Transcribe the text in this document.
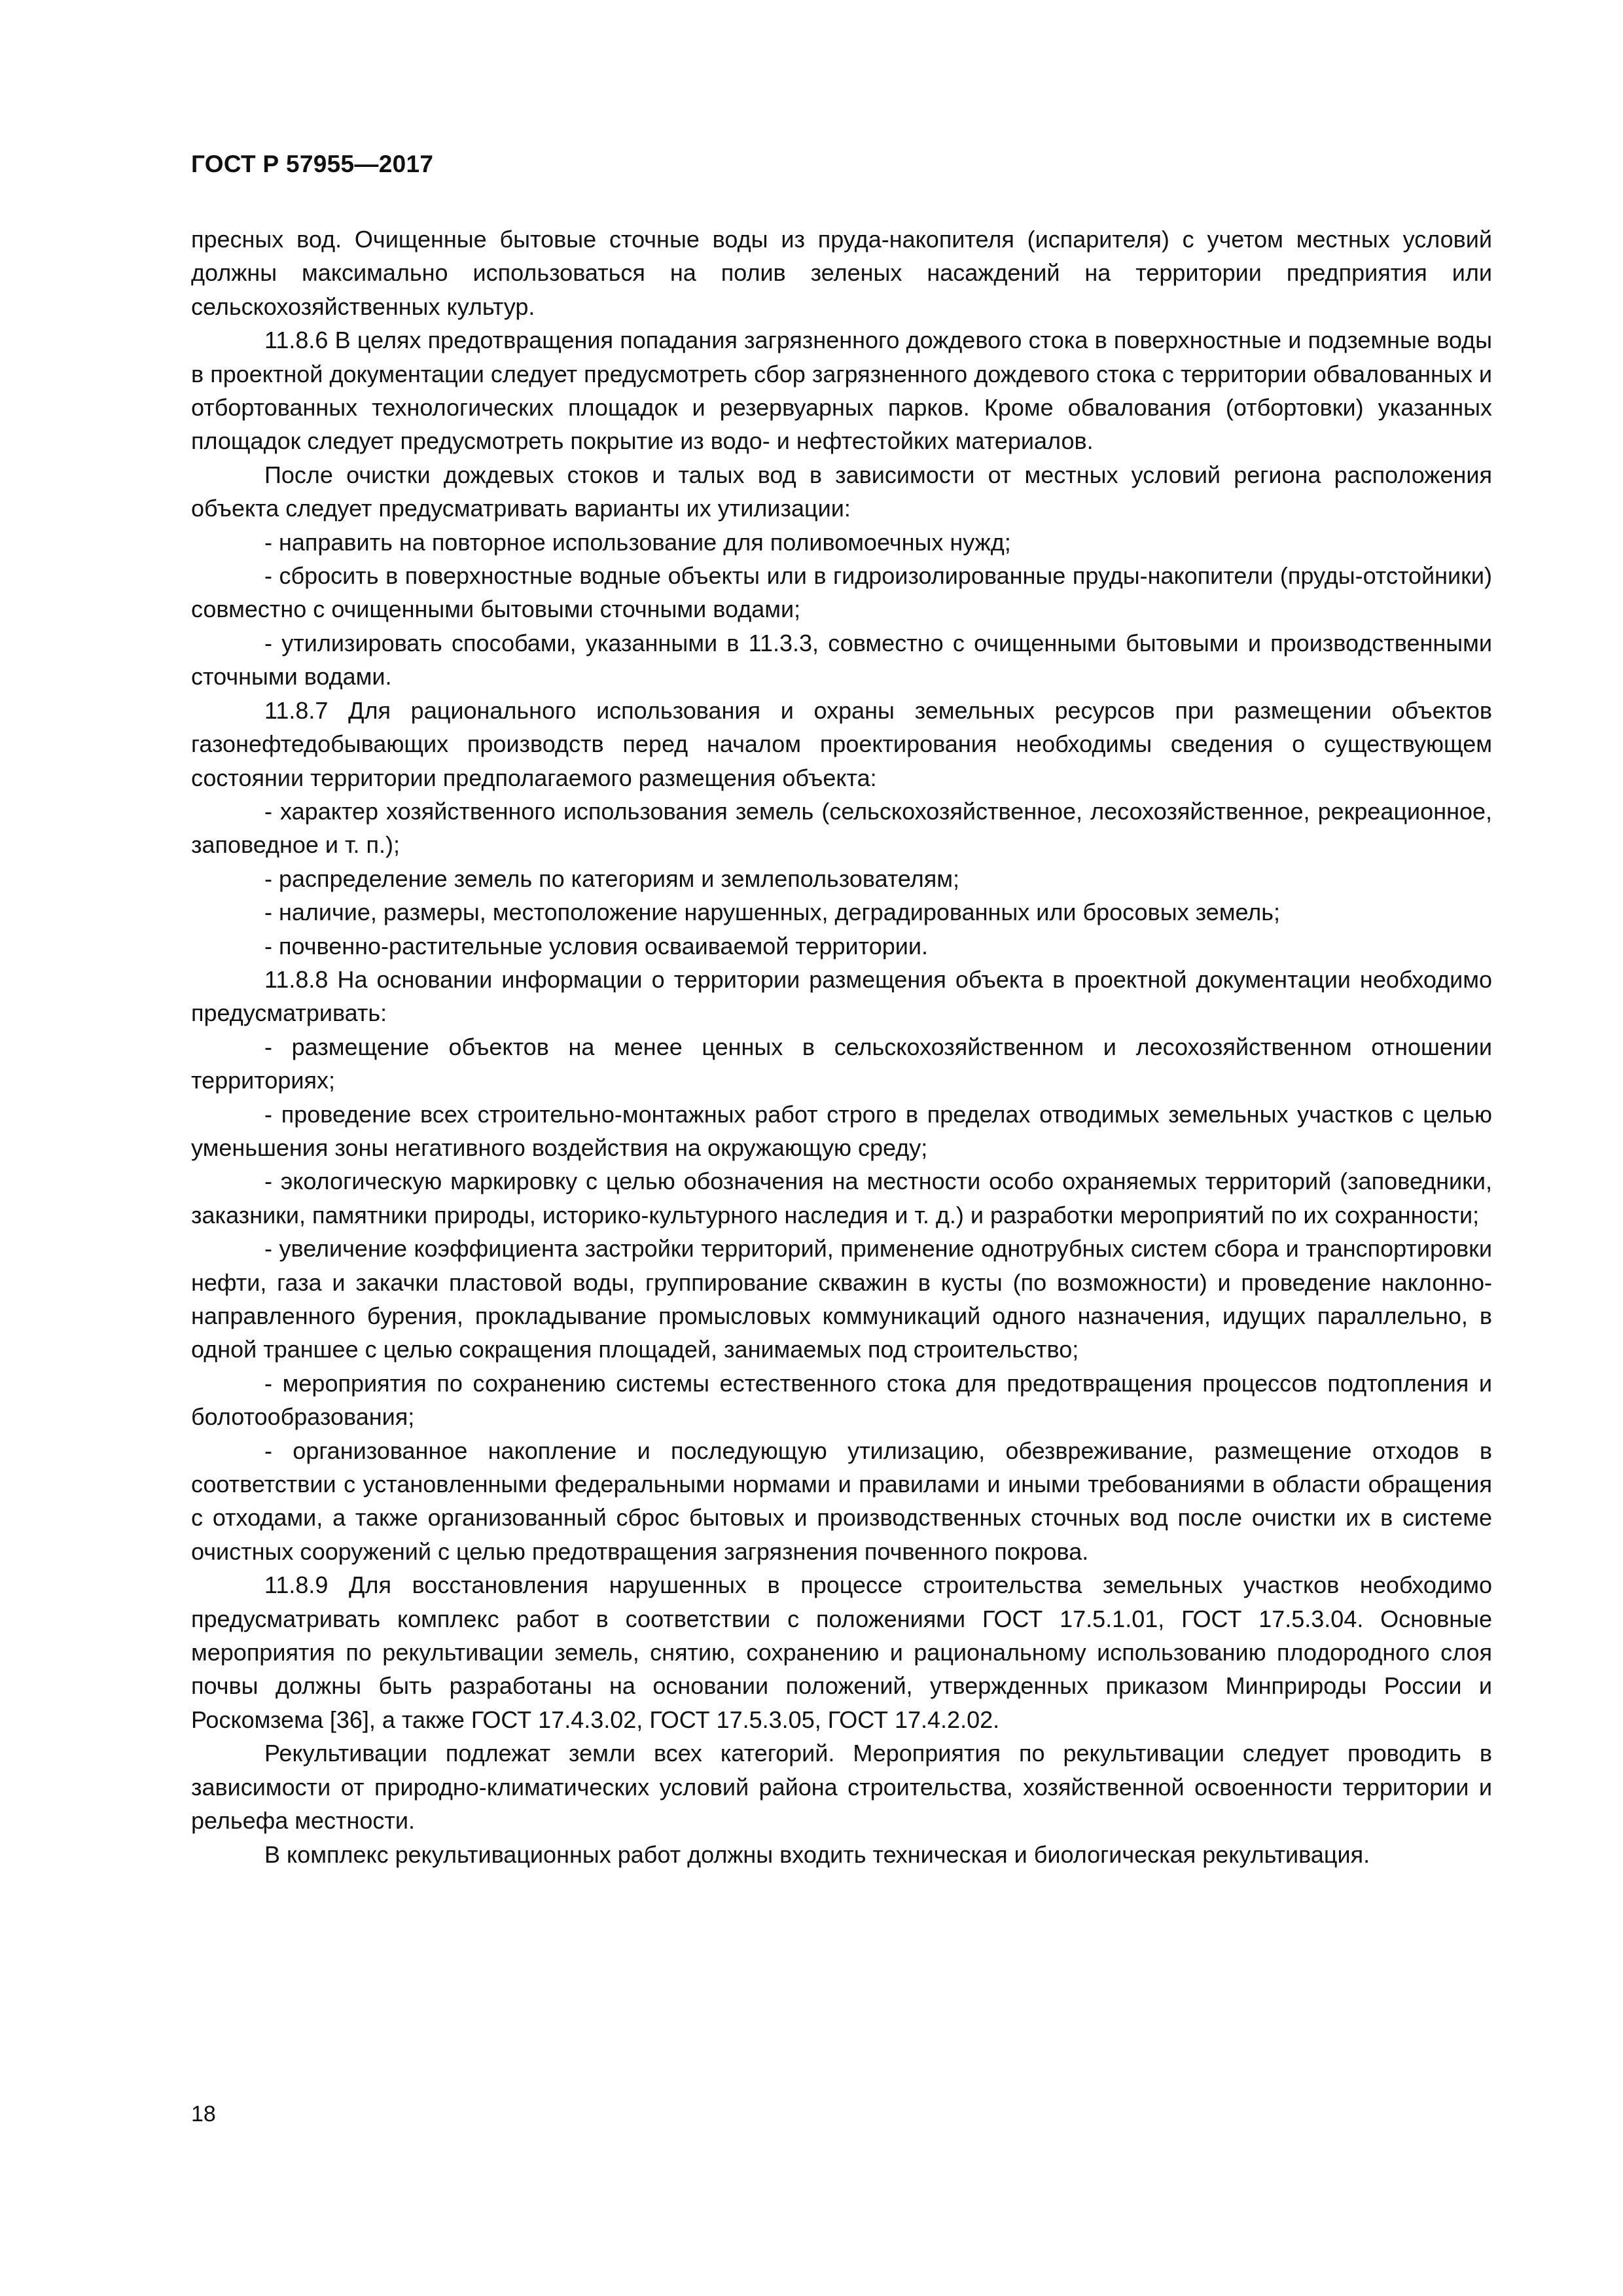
ГОСТ Р 57955—2017

пресных вод. Очищенные бытовые сточные воды из пруда-накопителя (испарителя) с учетом местных условий должны максимально использоваться на полив зеленых насаждений на территории предприятия или сельскохозяйственных культур.

11.8.6 В целях предотвращения попадания загрязненного дождевого стока в поверхностные и подземные воды в проектной документации следует предусмотреть сбор загрязненного дождевого стока с территории обвалованных и отбортованных технологических площадок и резервуарных парков. Кроме обвалования (отбортовки) указанных площадок следует предусмотреть покрытие из водо- и нефтестойких материалов.

После очистки дождевых стоков и талых вод в зависимости от местных условий региона расположения объекта следует предусматривать варианты их утилизации:

- направить на повторное использование для поливомоечных нужд;

- сбросить в поверхностные водные объекты или в гидроизолированные пруды-накопители (пруды-отстойники) совместно с очищенными бытовыми сточными водами;

- утилизировать способами, указанными в 11.3.3, совместно с очищенными бытовыми и производственными сточными водами.

11.8.7 Для рационального использования и охраны земельных ресурсов при размещении объектов газонефтедобывающих производств перед началом проектирования необходимы сведения о существующем состоянии территории предполагаемого размещения объекта:

- характер хозяйственного использования земель (сельскохозяйственное, лесохозяйственное, рекреационное, заповедное и т. п.);

- распределение земель по категориям и землепользователям;

- наличие, размеры, местоположение нарушенных, деградированных или бросовых земель;

- почвенно-растительные условия осваиваемой территории.

11.8.8 На основании информации о территории размещения объекта в проектной документации необходимо предусматривать:

- размещение объектов на менее ценных в сельскохозяйственном и лесохозяйственном отношении территориях;

- проведение всех строительно-монтажных работ строго в пределах отводимых земельных участков с целью уменьшения зоны негативного воздействия на окружающую среду;

- экологическую маркировку с целью обозначения на местности особо охраняемых территорий (заповедники, заказники, памятники природы, историко-культурного наследия и т. д.) и разработки мероприятий по их сохранности;

- увеличение коэффициента застройки территорий, применение однотрубных систем сбора и транспортировки нефти, газа и закачки пластовой воды, группирование скважин в кусты (по возможности) и проведение наклонно-направленного бурения, прокладывание промысловых коммуникаций одного назначения, идущих параллельно, в одной траншее с целью сокращения площадей, занимаемых под строительство;

- мероприятия по сохранению системы естественного стока для предотвращения процессов подтопления и болотообразования;

- организованное накопление и последующую утилизацию, обезвреживание, размещение отходов в соответствии с установленными федеральными нормами и правилами и иными требованиями в области обращения с отходами, а также организованный сброс бытовых и производственных сточных вод после очистки их в системе очистных сооружений с целью предотвращения загрязнения почвенного покрова.

11.8.9 Для восстановления нарушенных в процессе строительства земельных участков необходимо предусматривать комплекс работ в соответствии с положениями ГОСТ 17.5.1.01, ГОСТ 17.5.3.04. Основные мероприятия по рекультивации земель, снятию, сохранению и рациональному использованию плодородного слоя почвы должны быть разработаны на основании положений, утвержденных приказом Минприроды России и Роскомзема [36], а также ГОСТ 17.4.3.02, ГОСТ 17.5.3.05, ГОСТ 17.4.2.02.

Рекультивации подлежат земли всех категорий. Мероприятия по рекультивации следует проводить в зависимости от природно-климатических условий района строительства, хозяйственной освоенности территории и рельефа местности.

В комплекс рекультивационных работ должны входить техническая и биологическая рекультивация.

18
